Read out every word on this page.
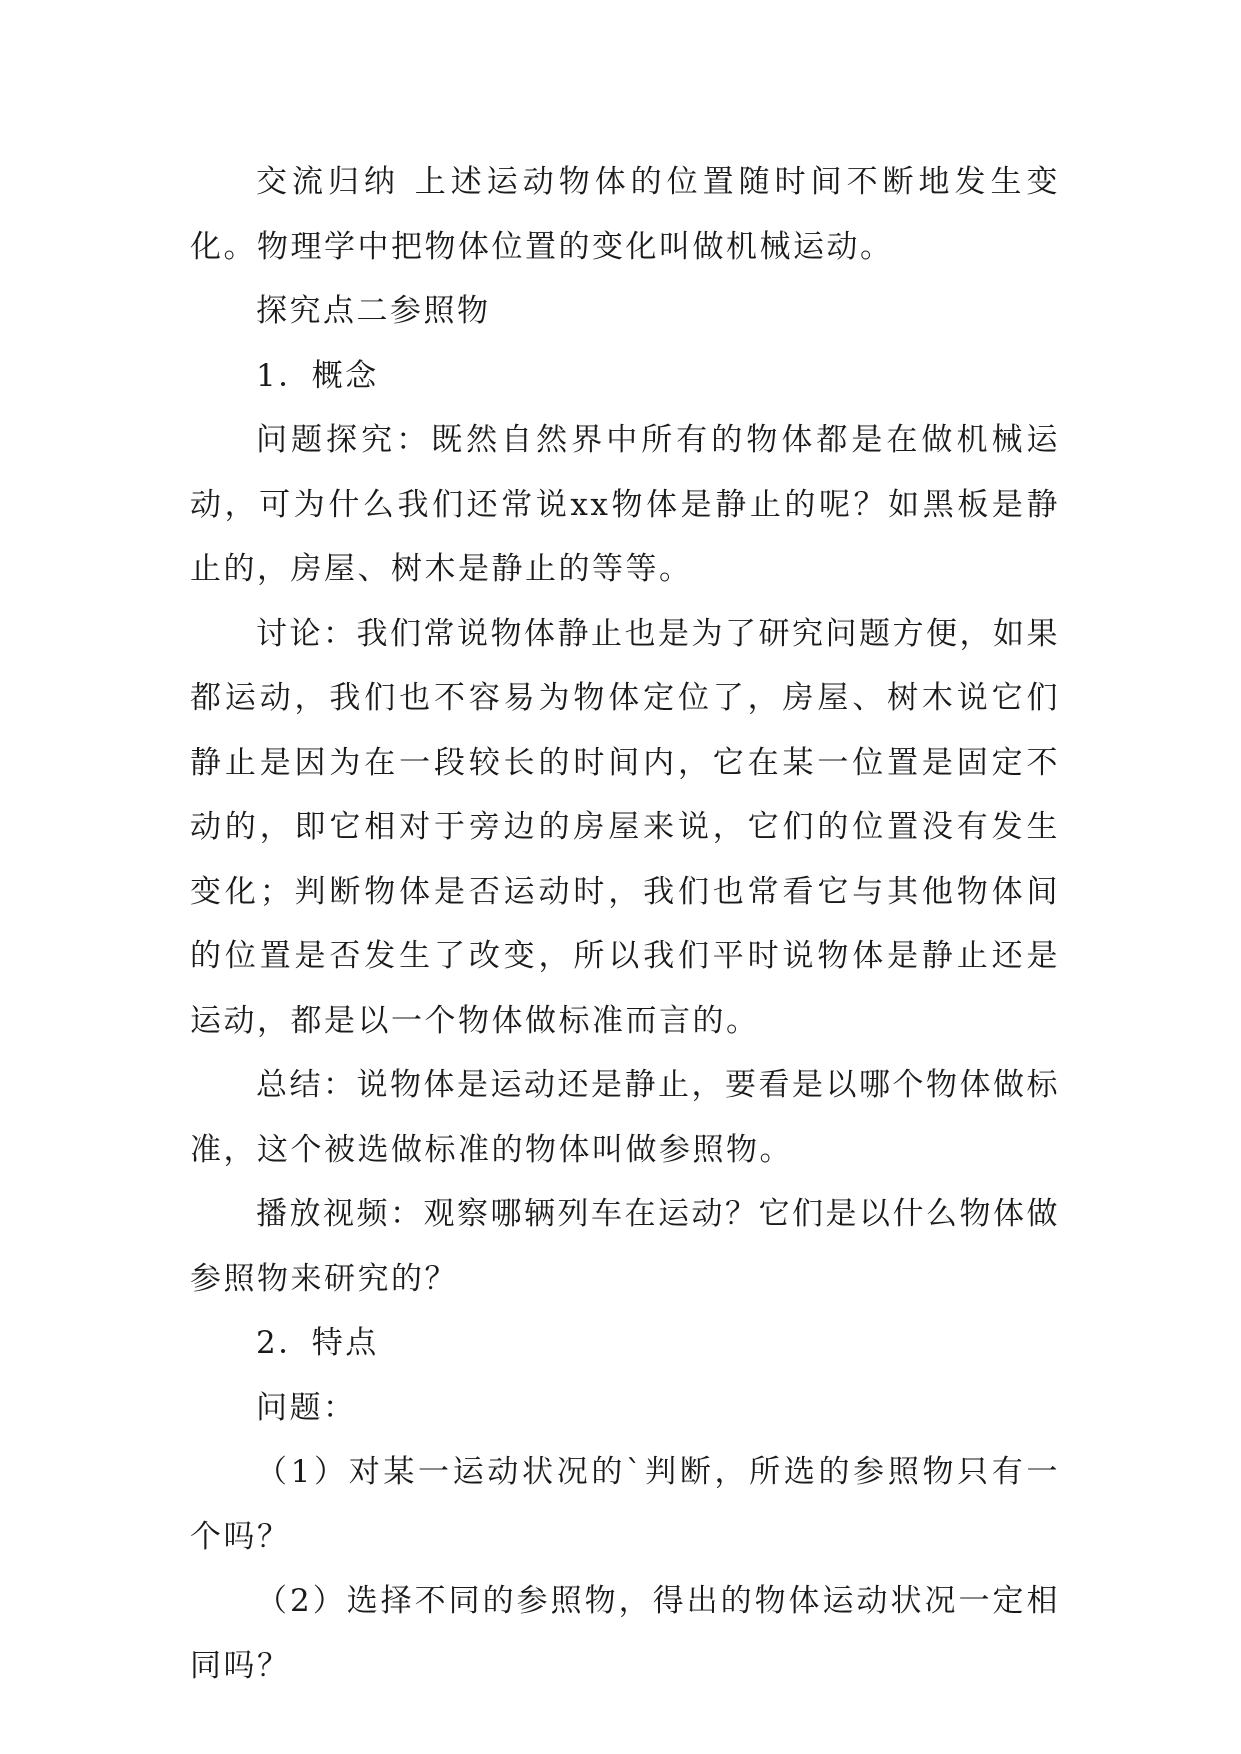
交流归纳 上述运动物体的位置随时间不断地发生变化。物理学中把物体位置的变化叫做机械运动。

探究点二参照物

1．概念

问题探究：既然自然界中所有的物体都是在做机械运动，可为什么我们还常说xx物体是静止的呢？如黑板是静止的，房屋、树木是静止的等等。

讨论：我们常说物体静止也是为了研究问题方便，如果都运动，我们也不容易为物体定位了，房屋、树木说它们静止是因为在一段较长的时间内，它在某一位置是固定不动的，即它相对于旁边的房屋来说，它们的位置没有发生变化；判断物体是否运动时，我们也常看它与其他物体间的位置是否发生了改变，所以我们平时说物体是静止还是运动，都是以一个物体做标准而言的。

总结：说物体是运动还是静止，要看是以哪个物体做标准，这个被选做标准的物体叫做参照物。

播放视频：观察哪辆列车在运动？它们是以什么物体做参照物来研究的？

2．特点

问题：

（1）对某一运动状况的`判断，所选的参照物只有一个吗？

（2）选择不同的参照物，得出的物体运动状况一定相同吗？
